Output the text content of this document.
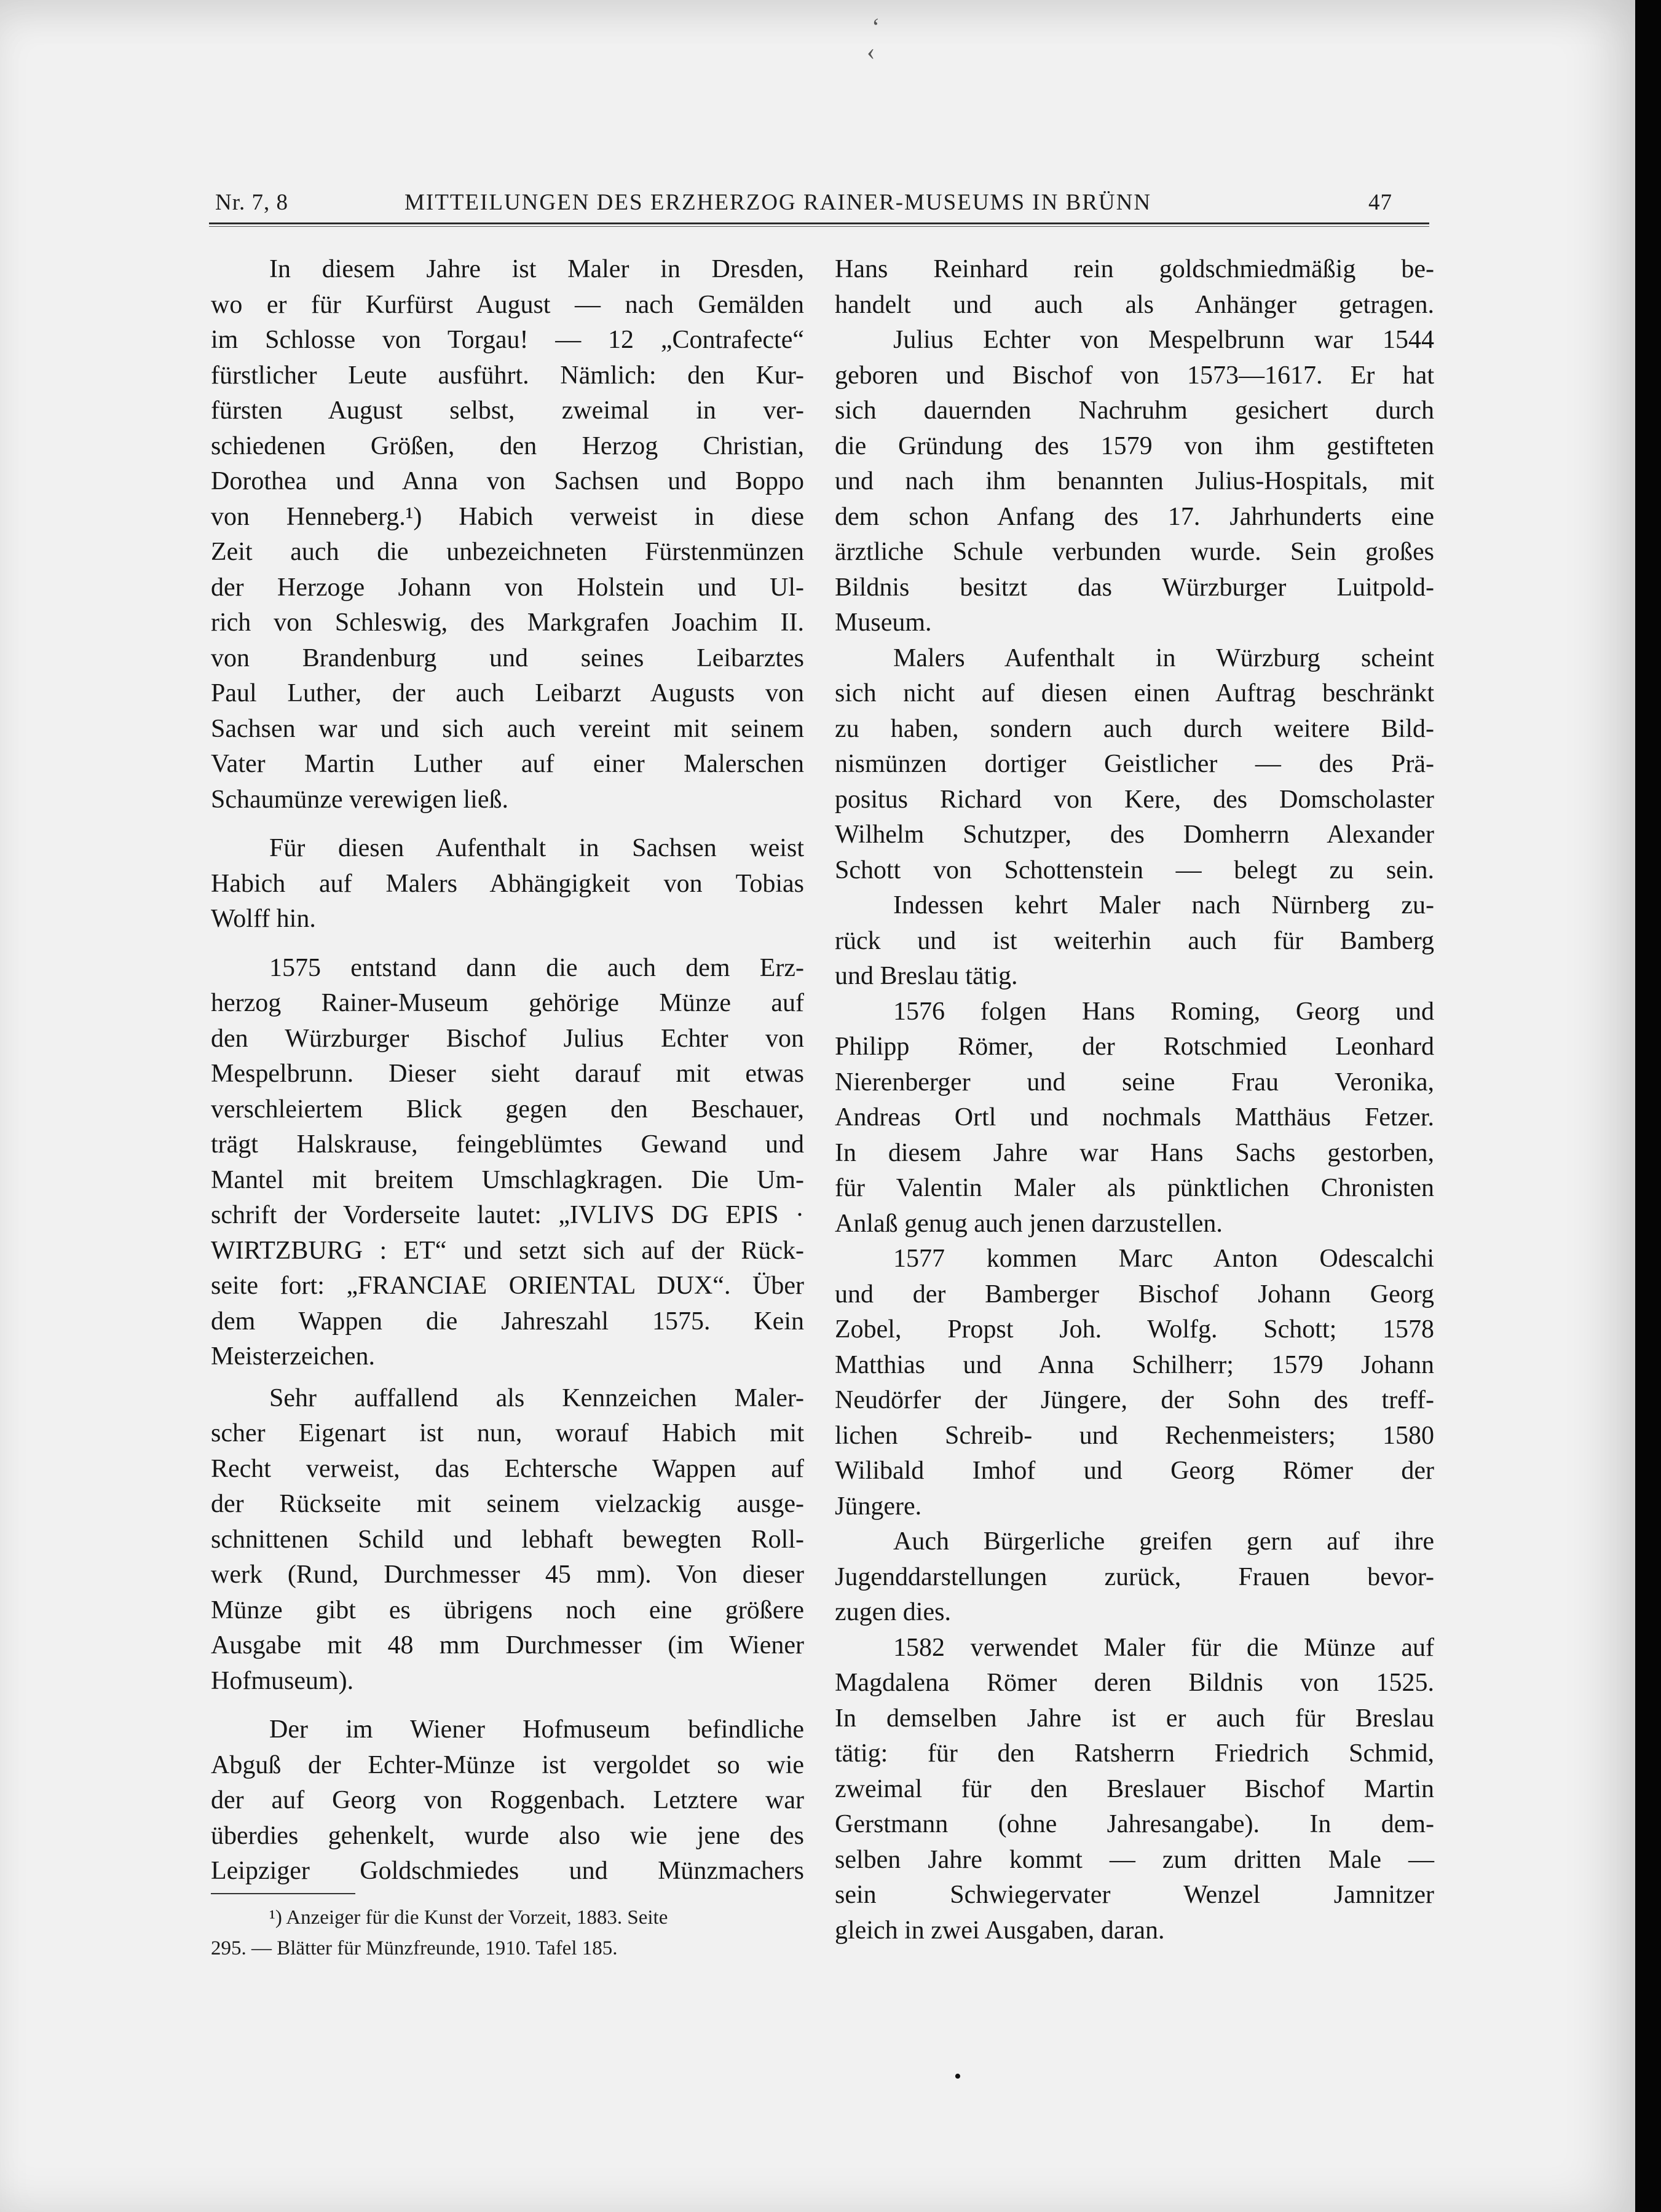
Nr. 7, 8	MITTEILUNGEN DES ERZHERZOG RAINER-MUSEUMS IN BRÜNN	47
ʻ
‹

In diesem Jahre ist Maler in Dresden,

wo er für Kurfürst August — nach Gemälden
im Schlosse von Torgau! — 12 „Contrafecte“
fürstlicher Leute ausführt. Nämlich: den Kur-
fürsten August selbst, zweimal in ver-
schiedenen Größen, den Herzog Christian,
Dorothea und Anna von Sachsen und Boppo
von Henneberg.¹) Habich verweist in diese
Zeit auch die unbezeichneten Fürstenmünzen
der Herzoge Johann von Holstein und Ul-
rich von Schleswig, des Markgrafen Joachim II.
von Brandenburg und seines Leibarztes
Paul Luther, der auch Leibarzt Augusts von
Sachsen war und sich auch vereint mit seinem
Vater Martin Luther auf einer Malerschen
Schaumünze verewigen ließ.

Für diesen Aufenthalt in Sachsen weist

Habich auf Malers Abhängigkeit von Tobias
Wolff hin.

1575 entstand dann die auch dem Erz-

herzog Rainer-Museum gehörige Münze auf
den Würzburger Bischof Julius Echter von
Mespelbrunn. Dieser sieht darauf mit etwas
verschleiertem Blick gegen den Beschauer,
trägt Halskrause, feingeblümtes Gewand und
Mantel mit breitem Umschlagkragen. Die Um-
schrift der Vorderseite lautet: „IVLIVS DG EPIS ·
WIRTZBURG : ET“ und setzt sich auf der Rück-
seite fort: „FRANCIAE ORIENTAL DUX“. Über
dem Wappen die Jahreszahl 1575. Kein
Meisterzeichen.

Sehr auffallend als Kennzeichen Maler-

scher Eigenart ist nun, worauf Habich mit
Recht verweist, das Echtersche Wappen auf
der Rückseite mit seinem vielzackig ausge-
schnittenen Schild und lebhaft bewegten Roll-
werk (Rund, Durchmesser 45 mm). Von dieser
Münze gibt es übrigens noch eine größere
Ausgabe mit 48 mm Durchmesser (im Wiener
Hofmuseum).

Der im Wiener Hofmuseum befindliche

Abguß der Echter-Münze ist vergoldet so wie
der auf Georg von Roggenbach. Letztere war
überdies gehenkelt, wurde also wie jene des
Leipziger Goldschmiedes und Münzmachers
Hans Reinhard rein goldschmiedmäßig be-
handelt und auch als Anhänger getragen.

Julius Echter von Mespelbrunn war 1544

geboren und Bischof von 1573—1617. Er hat
sich dauernden Nachruhm gesichert durch
die Gründung des 1579 von ihm gestifteten
und nach ihm benannten Julius-Hospitals, mit
dem schon Anfang des 17. Jahrhunderts eine
ärztliche Schule verbunden wurde. Sein großes
Bildnis besitzt das Würzburger Luitpold-
Museum.

Malers Aufenthalt in Würzburg scheint

sich nicht auf diesen einen Auftrag beschränkt
zu haben, sondern auch durch weitere Bild-
nismünzen dortiger Geistlicher — des Prä-
positus Richard von Kere, des Domscholaster
Wilhelm Schutzper, des Domherrn Alexander
Schott von Schottenstein — belegt zu sein.

Indessen kehrt Maler nach Nürnberg zu-

rück und ist weiterhin auch für Bamberg
und Breslau tätig.

1576 folgen Hans Roming, Georg und

Philipp Römer, der Rotschmied Leonhard
Nierenberger und seine Frau Veronika,
Andreas Ortl und nochmals Matthäus Fetzer.
In diesem Jahre war Hans Sachs gestorben,
für Valentin Maler als pünktlichen Chronisten
Anlaß genug auch jenen darzustellen.

1577 kommen Marc Anton Odescalchi

und der Bamberger Bischof Johann Georg
Zobel, Propst Joh. Wolfg. Schott; 1578
Matthias und Anna Schilherr; 1579 Johann
Neudörfer der Jüngere, der Sohn des treff-
lichen Schreib- und Rechenmeisters; 1580
Wilibald Imhof und Georg Römer der
Jüngere.

Auch Bürgerliche greifen gern auf ihre

Jugenddarstellungen zurück, Frauen bevor-
zugen dies.

1582 verwendet Maler für die Münze auf

Magdalena Römer deren Bildnis von 1525.
In demselben Jahre ist er auch für Breslau
tätig: für den Ratsherrn Friedrich Schmid,
zweimal für den Breslauer Bischof Martin
Gerstmann (ohne Jahresangabe). In dem-
selben Jahre kommt — zum dritten Male —
sein Schwiegervater Wenzel Jamnitzer
gleich in zwei Ausgaben, daran.
¹) Anzeiger für die Kunst der Vorzeit, 1883. Seite
295. — Blätter für Münzfreunde, 1910. Tafel 185.
•
